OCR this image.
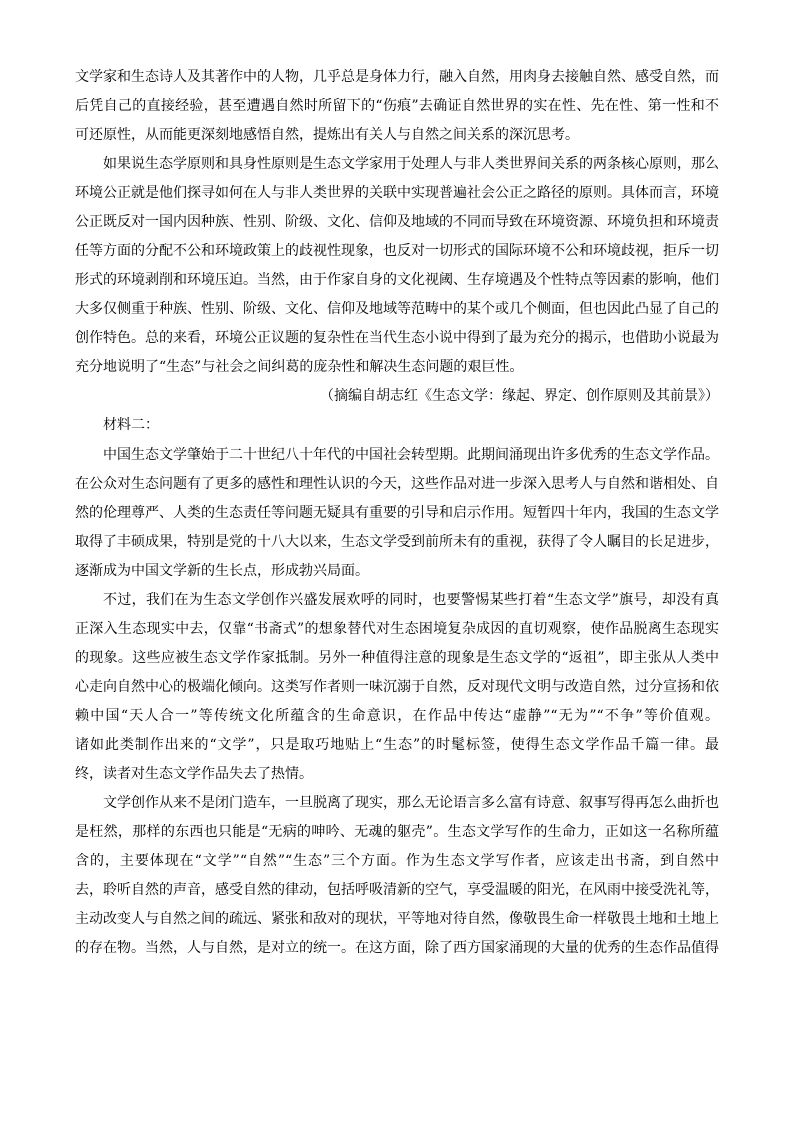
文学家和生态诗人及其著作中的人物，几乎总是身体力行，融入自然，用肉身去接触自然、感受自然，而
后凭自己的直接经验，甚至遭遇自然时所留下的“伤痕”去确证自然世界的实在性、先在性、第一性和不
可还原性，从而能更深刻地感悟自然，提炼出有关人与自然之间关系的深沉思考。
如果说生态学原则和具身性原则是生态文学家用于处理人与非人类世界间关系的两条核心原则，那么
环境公正就是他们探寻如何在人与非人类世界的关联中实现普遍社会公正之路径的原则。具体而言，环境
公正既反对一国内因种族、性别、阶级、文化、信仰及地域的不同而导致在环境资源、环境负担和环境责
任等方面的分配不公和环境政策上的歧视性现象，也反对一切形式的国际环境不公和环境歧视，拒斥一切
形式的环境剥削和环境压迫。当然，由于作家自身的文化视阈、生存境遇及个性特点等因素的影响，他们
大多仅侧重于种族、性别、阶级、文化、信仰及地域等范畴中的某个或几个侧面，但也因此凸显了自己的
创作特色。总的来看，环境公正议题的复杂性在当代生态小说中得到了最为充分的揭示，也借助小说最为
充分地说明了“生态”与社会之间纠葛的庞杂性和解决生态问题的艰巨性。
（摘编自胡志红《生态文学：缘起、界定、创作原则及其前景》）
材料二：
中国生态文学肇始于二十世纪八十年代的中国社会转型期。此期间涌现出许多优秀的生态文学作品。
在公众对生态问题有了更多的感性和理性认识的今天，这些作品对进一步深入思考人与自然和谐相处、自
然的伦理尊严、人类的生态责任等问题无疑具有重要的引导和启示作用。短暂四十年内，我国的生态文学
取得了丰硕成果，特别是党的十八大以来，生态文学受到前所未有的重视，获得了令人瞩目的长足进步，
逐渐成为中国文学新的生长点，形成勃兴局面。
不过，我们在为生态文学创作兴盛发展欢呼的同时，也要警惕某些打着“生态文学”旗号，却没有真
正深入生态现实中去，仅靠“书斋式”的想象替代对生态困境复杂成因的直切观察，使作品脱离生态现实
的现象。这些应被生态文学作家抵制。另外一种值得注意的现象是生态文学的“返祖”，即主张从人类中
心走向自然中心的极端化倾向。这类写作者则一味沉溺于自然，反对现代文明与改造自然，过分宣扬和依
赖中国“天人合一”等传统文化所蕴含的生命意识，在作品中传达“虚静”“无为”“不争”等价值观。
诸如此类制作出来的“文学”，只是取巧地贴上“生态”的时髦标签，使得生态文学作品千篇一律。最
终，读者对生态文学作品失去了热情。
文学创作从来不是闭门造车，一旦脱离了现实，那么无论语言多么富有诗意、叙事写得再怎么曲折也
是枉然，那样的东西也只能是“无病的呻吟、无魂的躯壳”。生态文学写作的生命力，正如这一名称所蕴
含的，主要体现在“文学”“自然”“生态”三个方面。作为生态文学写作者，应该走出书斋，到自然中
去，聆听自然的声音，感受自然的律动，包括呼吸清新的空气，享受温暖的阳光，在风雨中接受洗礼等，
主动改变人与自然之间的疏远、紧张和敌对的现状，平等地对待自然，像敬畏生命一样敬畏土地和土地上
的存在物。当然，人与自然，是对立的统一。在这方面，除了西方国家涌现的大量的优秀的生态作品值得
